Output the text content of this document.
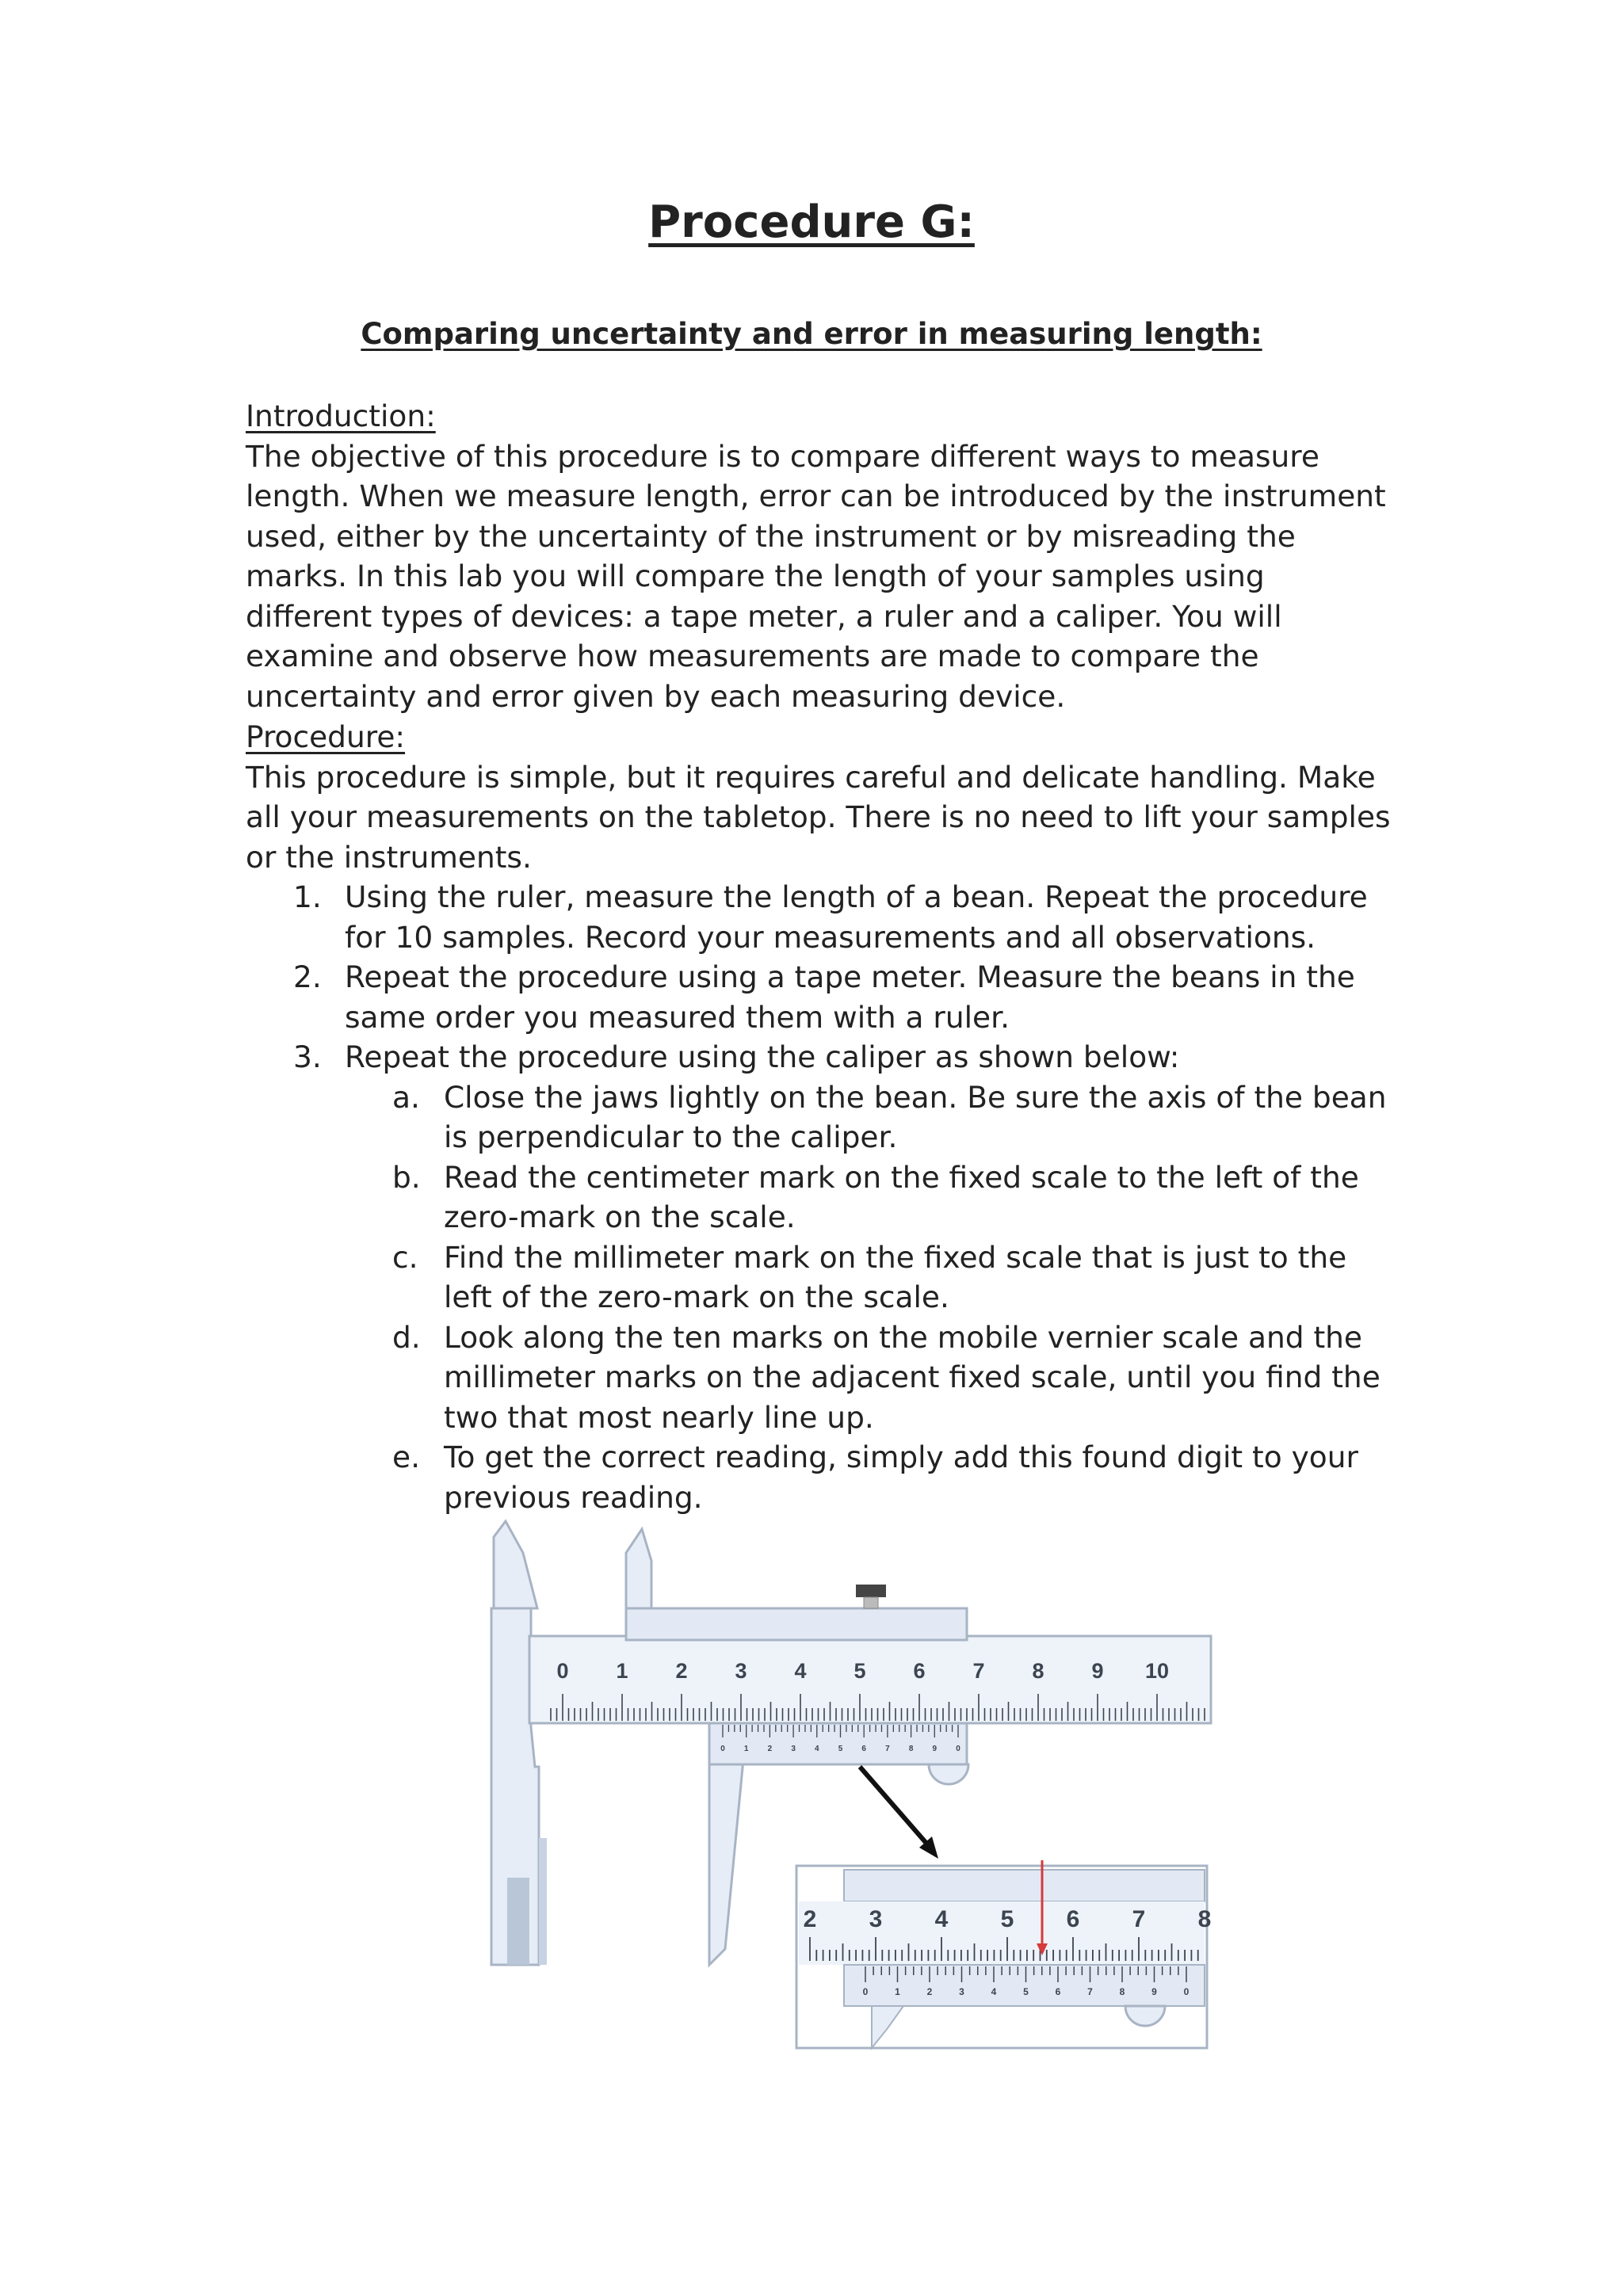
Procedure G:
Comparing uncertainty and error in measuring length:
Introduction:

The objective of this procedure is to compare different ways to measure length. When we measure length, error can be introduced by the instrument used, either by the uncertainty of the instrument or by misreading the marks. In this lab you will compare the length of your samples using different types of devices: a tape meter, a ruler and a caliper. You will examine and observe how measurements are made to compare the uncertainty and error given by each measuring device.

Procedure:

This procedure is simple, but it requires careful and delicate handling. Make all your measurements on the tabletop. There is no need to lift your samples or the instruments.

1. Using the ruler, measure the length of a bean. Repeat the procedure for 10 samples. Record your measurements and all observations.
2. Repeat the procedure using a tape meter. Measure the beans in the same order you measured them with a ruler.
3. Repeat the procedure using the caliper as shown below:
a. Close the jaws lightly on the bean. Be sure the axis of the bean is perpendicular to the caliper.
b. Read the centimeter mark on the fixed scale to the left of the zero-mark on the scale.
c. Find the millimeter mark on the fixed scale that is just to the left of the zero-mark on the scale.
d. Look along the ten marks on the mobile vernier scale and the millimeter marks on the adjacent fixed scale, until you find the two that most nearly line up.
e. To get the correct reading, simply add this found digit to your previous reading.
0 1 2 3 4 5 6 7 8 9 10
0 1 2 3 4 5 6 7 8 9 0
2 3 4 5 6 7 8
0	1	2	3	4	5	6	7	8	9	0
